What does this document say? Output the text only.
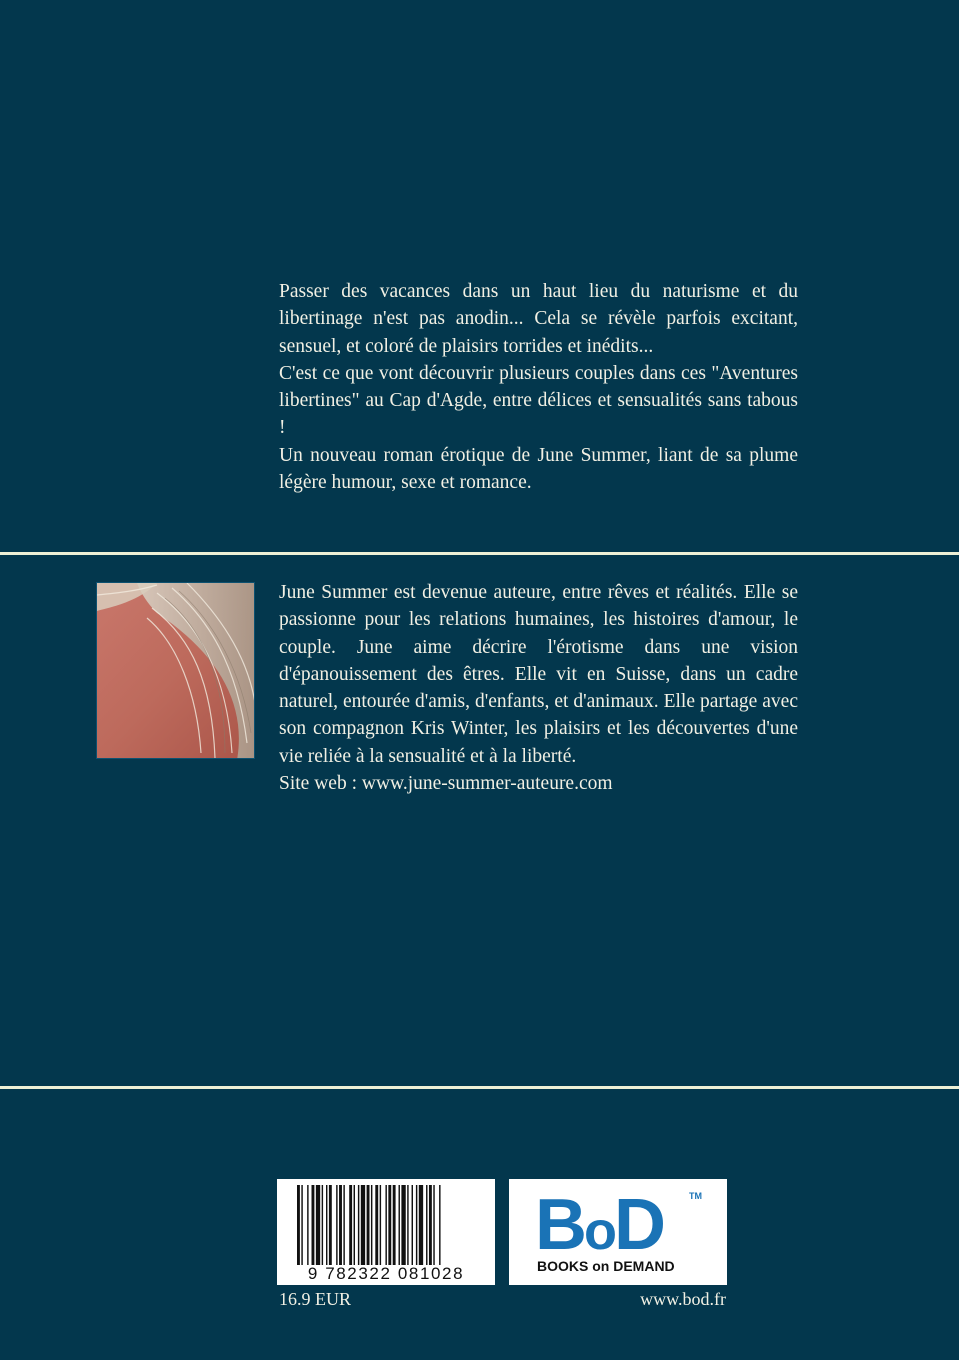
Passer des vacances dans un haut lieu du naturisme et du libertinage n'est pas anodin... Cela se révèle parfois excitant, sensuel, et coloré de plaisirs torrides et inédits...

C'est ce que vont découvrir plusieurs couples dans ces "Aventures libertines" au Cap d'Agde, entre délices et sensualités sans tabous !

Un nouveau roman érotique de June Summer, liant de sa plume légère humour, sexe et romance.

June Summer est devenue auteure, entre rêves et réalités. Elle se passionne pour les relations humaines, les histoires d'amour, le couple. June aime décrire l'érotisme dans une vision d'épanouissement des êtres. Elle vit en Suisse, dans un cadre naturel, entourée d'amis, d'enfants, et d'animaux. Elle partage avec son compagnon Kris Winter, les plaisirs et les découvertes d'une vie reliée à la sensualité et à la liberté.

Site web : www.june-summer-auteure.com

9 782322 081028
BoD	TM
BOOKS on DEMAND
16.9 EUR	www.bod.fr
